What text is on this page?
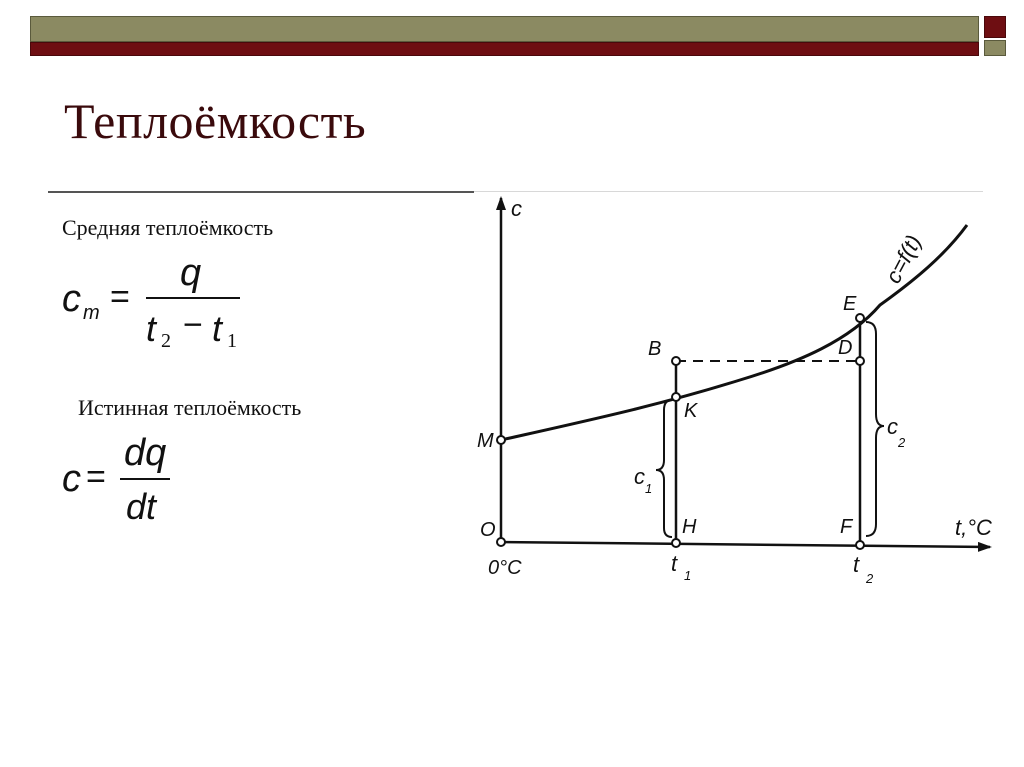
Теплоёмкость
Средняя теплоёмкость
c m =
q
t 2 − t 1
Истинная теплоёмкость
c =
dq
dt
c
t,°C
c=f(t)
M
O
0°C
B
K
H
E
D
F
t 1	t
2
c 1
c
2
